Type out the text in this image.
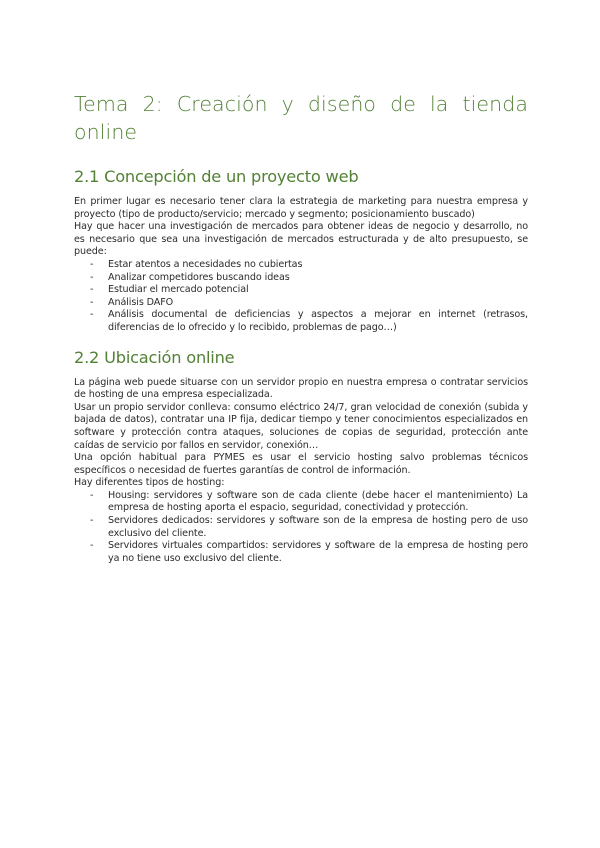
Tema 2: Creación y diseño de la tienda online
2.1 Concepción de un proyecto web

En primer lugar es necesario tener clara la estrategia de marketing para nuestra empresa y proyecto (tipo de producto/servicio; mercado y segmento; posicionamiento buscado)

Hay que hacer una investigación de mercados para obtener ideas de negocio y desarrollo, no es necesario que sea una investigación de mercados estructurada y de alto presupuesto, se puede:

- Estar atentos a necesidades no cubiertas
- Analizar competidores buscando ideas
- Estudiar el mercado potencial
- Análisis DAFO
- Análisis documental de deficiencias y aspectos a mejorar en internet (retrasos, diferencias de lo ofrecido y lo recibido, problemas de pago…)
2.2 Ubicación online

La página web puede situarse con un servidor propio en nuestra empresa o contratar servicios de hosting de una empresa especializada.

Usar un propio servidor conlleva: consumo eléctrico 24/7, gran velocidad de conexión (subida y bajada de datos), contratar una IP fija, dedicar tiempo y tener conocimientos especializados en software y protección contra ataques, soluciones de copias de seguridad, protección ante caídas de servicio por fallos en servidor, conexión…

Una opción habitual para PYMES es usar el servicio hosting salvo problemas técnicos específicos o necesidad de fuertes garantías de control de información.

Hay diferentes tipos de hosting:

- Housing: servidores y software son de cada cliente (debe hacer el mantenimiento) La empresa de hosting aporta el espacio, seguridad, conectividad y protección.
- Servidores dedicados: servidores y software son de la empresa de hosting pero de uso exclusivo del cliente.
- Servidores virtuales compartidos: servidores y software de la empresa de hosting pero ya no tiene uso exclusivo del cliente.
